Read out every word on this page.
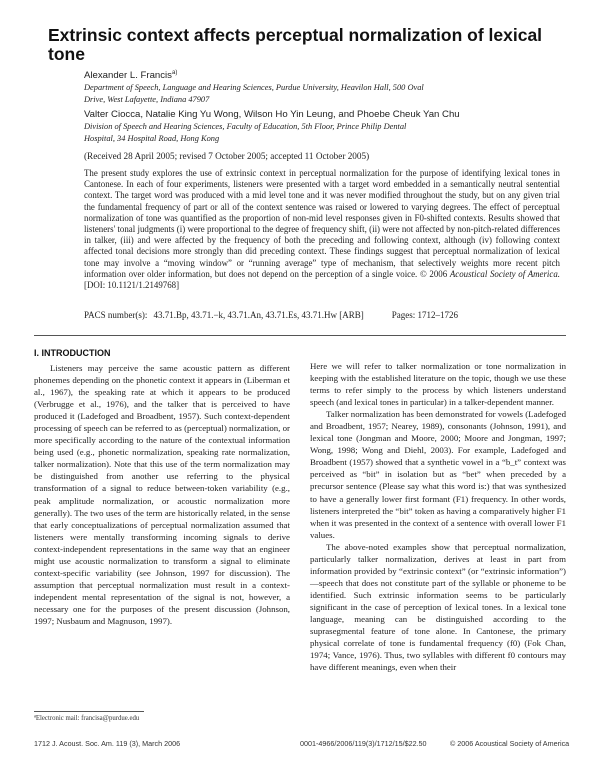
Extrinsic context affects perceptual normalization of lexical tone
Alexander L. Francis$^{a)}$
Department of Speech, Language and Hearing Sciences, Purdue University, Heavilon Hall, 500 Oval
Drive, West Lafayette, Indiana 47907
Valter Ciocca, Natalie King Yu Wong, Wilson Ho Yin Leung, and Phoebe Cheuk Yan Chu
Division of Speech and Hearing Sciences, Faculty of Education, 5th Floor, Prince Philip Dental
Hospital, 34 Hospital Road, Hong Kong
(Received 28 April 2005; revised 7 October 2005; accepted 11 October 2005)
The present study explores the use of extrinsic context in perceptual normalization for the purpose of identifying lexical tones in Cantonese. In each of four experiments, listeners were presented with a target word embedded in a semantically neutral sentential context. The target word was produced with a mid level tone and it was never modified throughout the study, but on any given trial the fundamental frequency of part or all of the context sentence was raised or lowered to varying degrees. The effect of perceptual normalization of tone was quantified as the proportion of non-mid level responses given in F0-shifted contexts. Results showed that listeners' tonal judgments (i) were proportional to the degree of frequency shift, (ii) were not affected by non-pitch-related differences in talker, (iii) and were affected by the frequency of both the preceding and following context, although (iv) following context affected tonal decisions more strongly than did preceding context. These findings suggest that perceptual normalization of lexical tone may involve a “moving window” or “running average” type of mechanism, that selectively weights more recent pitch information over older information, but does not depend on the perception of a single voice. © 2006 Acoustical Society of America. [DOI: 10.1121/1.2149768]
PACS number(s): 43.71.Bp, 43.71.−k, 43.71.An, 43.71.Es, 43.71.Hw [ARB]	Pages: 1712–1726
I. INTRODUCTION

Listeners may perceive the same acoustic pattern as different phonemes depending on the phonetic context it appears in (Liberman et al., 1967), the speaking rate at which it appears to be produced (Verbrugge et al., 1976), and the talker that is perceived to have produced it (Ladefoged and Broadbent, 1957). Such context-dependent processing of speech can be referred to as (perceptual) normalization, or more specifically according to the nature of the contextual information being used (e.g., phonetic normalization, speaking rate normalization, talker normalization). Note that this use of the term normalization may be distinguished from another use referring to the physical transformation of a signal to reduce between-token variability (e.g., peak amplitude normalization, or acoustic normalization more generally). The two uses of the term are historically related, in the sense that early conceptualizations of perceptual normalization assumed that listeners were mentally transforming incoming signals to derive context-independent representations in the same way that an engineer might use acoustic normalization to transform a signal to eliminate context-specific variability (see Johnson, 1997 for discussion). The assumption that perceptual normalization must result in a context-independent mental representation of the signal is not, however, a necessary one for the purposes of the present discussion (Johnson, 1997; Nusbaum and Magnuson, 1997).

Here we will refer to talker normalization or tone normalization in keeping with the established literature on the topic, though we use these terms to refer simply to the process by which listeners understand speech (and lexical tones in particular) in a talker-dependent manner.

Talker normalization has been demonstrated for vowels (Ladefoged and Broadbent, 1957; Nearey, 1989), consonants (Johnson, 1991), and lexical tone (Jongman and Moore, 2000; Moore and Jongman, 1997; Wong, 1998; Wong and Diehl, 2003). For example, Ladefoged and Broadbent (1957) showed that a synthetic vowel in a “b_t” context was perceived as “bit” in isolation but as “bet” when preceded by a precursor sentence (Please say what this word is:) that was synthesized to have a generally lower first formant (F1) frequency. In other words, listeners interpreted the “bit” token as having a comparatively higher F1 when it was presented in the context of a sentence with overall lower F1 values.

The above-noted examples show that perceptual normalization, particularly talker normalization, derives at least in part from information provided by “extrinsic context” (or “extrinsic information”)—speech that does not constitute part of the syllable or phoneme to be identified. Such extrinsic information seems to be particularly significant in the case of perception of lexical tones. In a lexical tone language, meaning can be distinguished according to the suprasegmental feature of tone alone. In Cantonese, the primary physical correlate of tone is fundamental frequency (f0) (Fok Chan, 1974; Vance, 1976). Thus, two syllables with different f0 contours may have different meanings, even when their

ªElectronic mail: francisa@purdue.edu
1712 J. Acoust. Soc. Am. 119 (3), March 2006	0001-4966/2006/119(3)/1712/15/$22.50	© 2006 Acoustical Society of America
